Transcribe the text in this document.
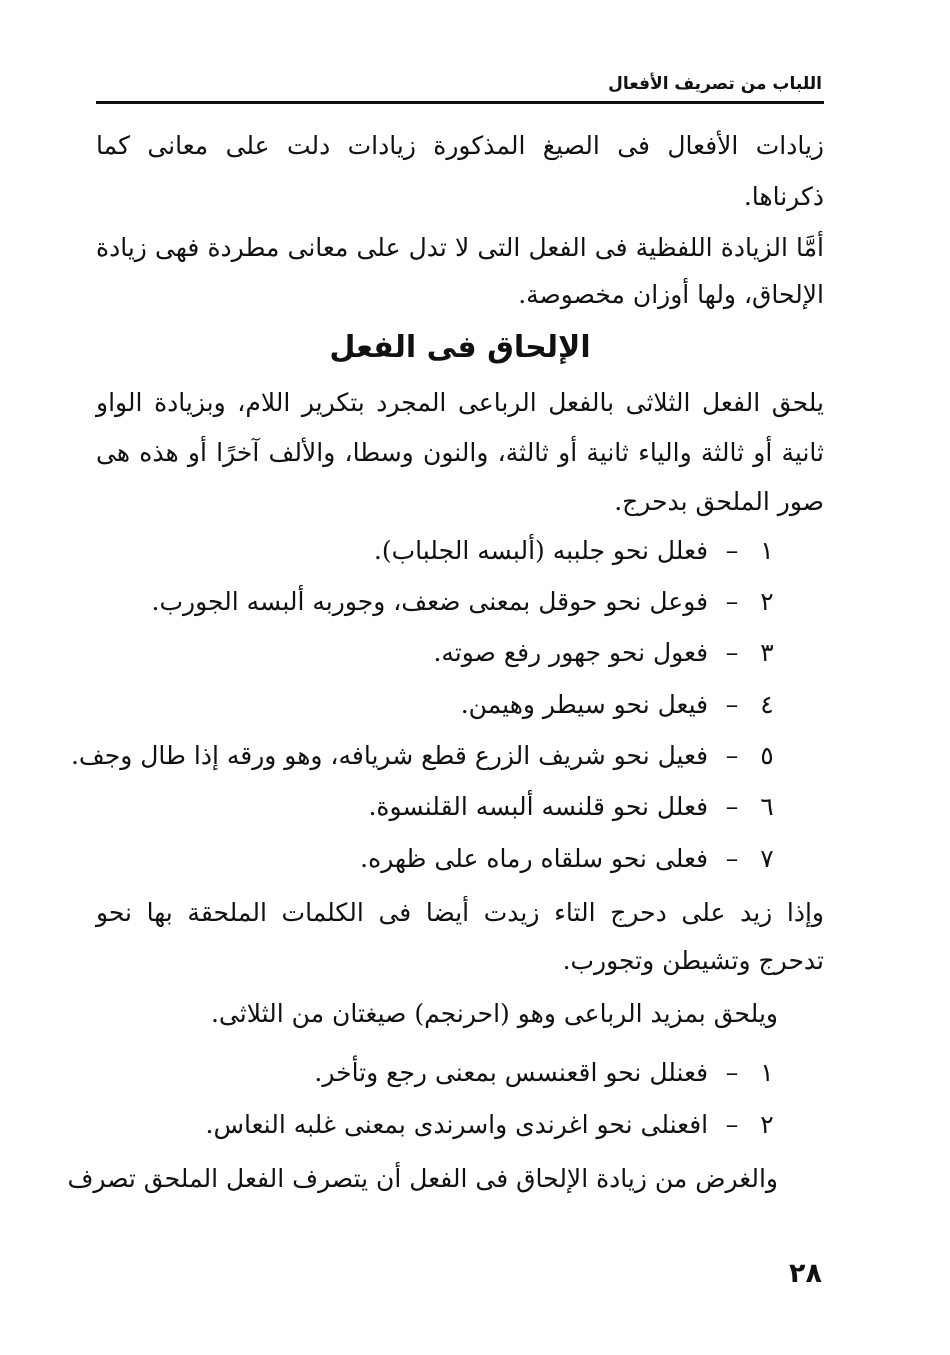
اللباب من تصريف الأفعال
زيادات الأفعال فى الصيغ المذكورة زيادات دلت على معانى كما
ذكرناها.
أمَّا الزيادة اللفظية فى الفعل التى لا تدل على معانى مطردة فهى زيادة
الإلحاق، ولها أوزان مخصوصة.
الإلحاق فى الفعل
يلحق الفعل الثلاثى بالفعل الرباعى المجرد بتكرير اللام، وبزيادة الواو
ثانية أو ثالثة والياء ثانية أو ثالثة، والنون وسطا، والألف آخرًا أو هذه هى
صور الملحق بدحرج.
١ – فعلل نحو جلببه (ألبسه الجلباب).
٢ – فوعل نحو حوقل بمعنى ضعف، وجوربه ألبسه الجورب.
٣ – فعول نحو جهور رفع صوته.
٤ – فيعل نحو سيطر وهيمن.
٥ – فعيل نحو شريف الزرع قطع شريافه، وهو ورقه إذا طال وجف.
٦ – فعلل نحو قلنسه ألبسه القلنسوة.
٧ – فعلى نحو سلقاه رماه على ظهره.
وإذا زيد على دحرج التاء زيدت أيضا فى الكلمات الملحقة بها نحو
تدحرج وتشيطن وتجورب.
ويلحق بمزيد الرباعى وهو (احرنجم) صيغتان من الثلاثى.
١ – فعنلل نحو اقعنسس بمعنى رجع وتأخر.
٢ – افعنلى نحو اغرندى واسرندى بمعنى غلبه النعاس.
والغرض من زيادة الإلحاق فى الفعل أن يتصرف الفعل الملحق تصرف
٢٨
